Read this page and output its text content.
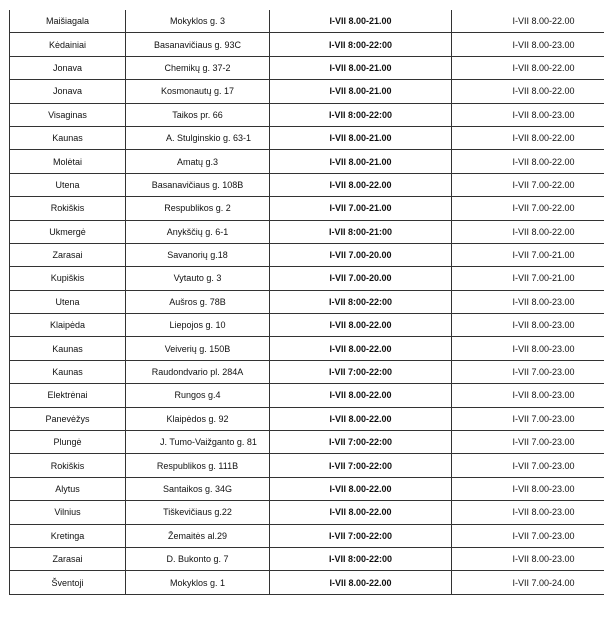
Maišiagala	Mokyklos g. 3	I-VII 8.00-21.00	I-VII 8.00-22.00
Kėdainiai	Basanavičiaus g. 93C	I-VII 8:00-22:00	I-VII 8.00-23.00
Jonava	Chemikų g. 37-2	I-VII 8.00-21.00	I-VII 8.00-22.00
Jonava	Kosmonautų g. 17	I-VII 8.00-21.00	I-VII 8.00-22.00
Visaginas	Taikos pr. 66	I-VII 8:00-22:00	I-VII 8.00-23.00
Kaunas	A. Stulginskio g. 63-1	I-VII 8.00-21.00	I-VII 8.00-22.00
Molėtai	Amatų g.3	I-VII 8.00-21.00	I-VII 8.00-22.00
Utena	Basanavičiaus g. 108B	I-VII 8.00-22.00	I-VII 7.00-22.00
Rokiškis	Respublikos g. 2	I-VII 7.00-21.00	I-VII 7.00-22.00
Ukmergė	Anykščių g. 6-1	I-VII 8:00-21:00	I-VII 8.00-22.00
Zarasai	Savanorių g.18	I-VII 7.00-20.00	I-VII 7.00-21.00
Kupiškis	Vytauto g. 3	I-VII 7.00-20.00	I-VII 7.00-21.00
Utena	Aušros g. 78B	I-VII 8:00-22:00	I-VII 8.00-23.00
Klaipėda	Liepojos g. 10	I-VII 8.00-22.00	I-VII 8.00-23.00
Kaunas	Veiverių g. 150B	I-VII 8.00-22.00	I-VII 8.00-23.00
Kaunas	Raudondvario pl. 284A	I-VII 7:00-22:00	I-VII 7.00-23.00
Elektrėnai	Rungos g.4	I-VII 8.00-22.00	I-VII 8.00-23.00
Panevėžys	Klaipėdos g. 92	I-VII 8.00-22.00	I-VII 7.00-23.00
Plungė	J. Tumo-Vaižganto g. 81	I-VII 7:00-22:00	I-VII 7.00-23.00
Rokiškis	Respublikos g. 111B	I-VII 7:00-22:00	I-VII 7.00-23.00
Alytus	Santaikos g. 34G	I-VII 8.00-22.00	I-VII 8.00-23.00
Vilnius	Tiškevičiaus g.22	I-VII 8.00-22.00	I-VII 8.00-23.00
Kretinga	Žemaitės al.29	I-VII 7:00-22:00	I-VII 7.00-23.00
Zarasai	D. Bukonto g. 7	I-VII 8:00-22:00	I-VII 8.00-23.00
Šventoji	Mokyklos g. 1	I-VII 8.00-22.00	I-VII 7.00-24.00
